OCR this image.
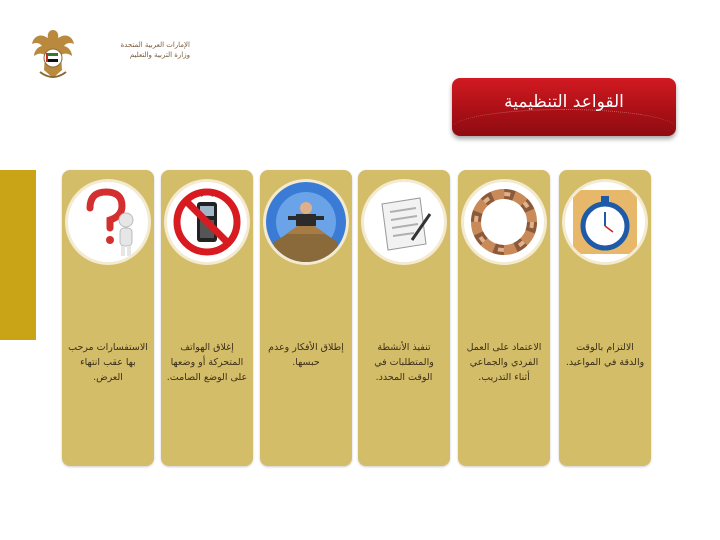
الإمارات العربية المتحدة
وزارة التربية والتعليم
القواعد التنظيمية
الالتزام بالوقت والدقة في المواعيد.
الاعتماد على العمل الفردي والجماعي أثناء التدريب.
تنفيذ الأنشطة والمتطلبات في الوقت المحدد.
إطلاق الأفكار وعدم حبسها.
إغلاق الهواتف المتحركة أو وضعها على الوضع الصامت.
الاستفسارات مرحب بها عقب انتهاء العرض.
